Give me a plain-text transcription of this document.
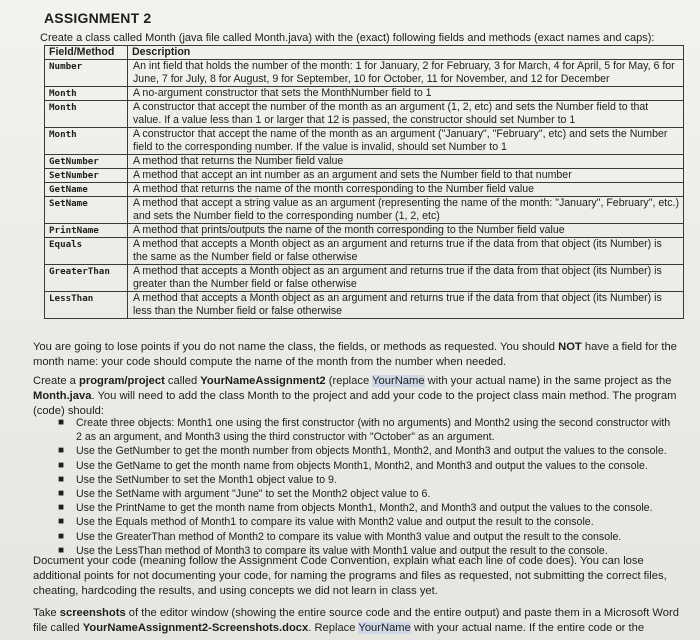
ASSIGNMENT 2
Create a class called Month (java file called Month.java) with the (exact) following fields and methods (exact names and caps):
Field/Method	Description
Number	An int field that holds the number of the month: 1 for January, 2 for February, 3 for March, 4 for April, 5 for May, 6 for June, 7 for July, 8 for August, 9 for September, 10 for October, 11 for November, and 12 for December
Month	A no-argument constructor that sets the MonthNumber field to 1
Month	A constructor that accept the number of the month as an argument (1, 2, etc) and sets the Number field to that value. If a value less than 1 or larger that 12 is passed, the constructor should set Number to 1
Month	A constructor that accept the name of the month as an argument ("January", "February", etc) and sets the Number field to the corresponding number. If the value is invalid, should set Number to 1
GetNumber	A method that returns the Number field value
SetNumber	A method that accept an int number as an argument and sets the Number field to that number
GetName	A method that returns the name of the month corresponding to the Number field value
SetName	A method that accept a string value as an argument (representing the name of the month: "January", February", etc.) and sets the Number field to the corresponding number (1, 2, etc)
PrintName	A method that prints/outputs the name of the month corresponding to the Number field value
Equals	A method that accepts a Month object as an argument and returns true if the data from that object (its Number) is the same as the Number field or false otherwise
GreaterThan	A method that accepts a Month object as an argument and returns true if the data from that object (its Number) is greater than the Number field or false otherwise
LessThan	A method that accepts a Month object as an argument and returns true if the data from that object (its Number) is less than the Number field or false otherwise
You are going to lose points if you do not name the class, the fields, or methods as requested. You should NOT have a field for the month name: your code should compute the name of the month from the number when needed.
Create a program/project called YourNameAssignment2 (replace YourName with your actual name) in the same project as the Month.java. You will need to add the class Month to the project and add your code to the project class main method. The program (code) should:
■ Create three objects: Month1 one using the first constructor (with no arguments) and Month2 using the second constructor with 2 as an argument, and Month3 using the third constructor with "October" as an argument.
■ Use the GetNumber to get the month number from objects Month1, Month2, and Month3 and output the values to the console.
■ Use the GetName to get the month name from objects Month1, Month2, and Month3 and output the values to the console.
■ Use the SetNumber to set the Month1 object value to 9.
■ Use the SetName with argument "June" to set the Month2 object value to 6.
■ Use the PrintName to get the month name from objects Month1, Month2, and Month3 and output the values to the console.
■ Use the Equals method of Month1 to compare its value with Month2 value and output the result to the console.
■ Use the GreaterThan method of Month2 to compare its value with Month3 value and output the result to the console.
■ Use the LessThan method of Month3 to compare its value with Month1 value and output the result to the console.
Document your code (meaning follow the Assignment Code Convention, explain what each line of code does). You can lose additional points for not documenting your code, for naming the programs and files as requested, not submitting the correct files, cheating, hardcoding the results, and using concepts we did not learn in class yet.
Take screenshots of the editor window (showing the entire source code and the entire output) and paste them in a Microsoft Word file called YourNameAssignment2-Screenshots.docx. Replace YourName with your actual name. If the entire code or the
